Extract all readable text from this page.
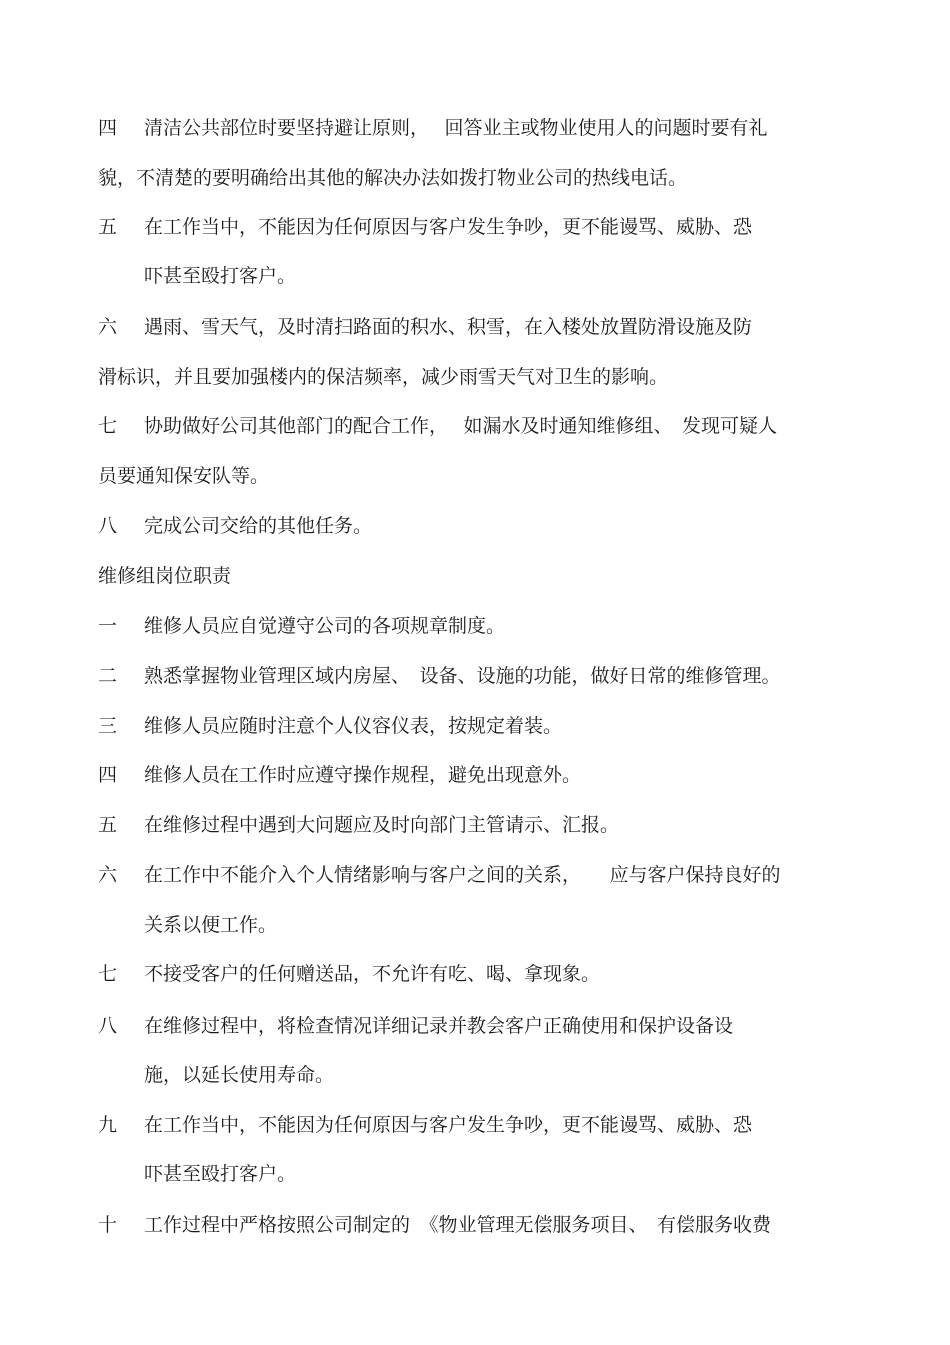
四 清洁公共部位时要坚持避让原则，　 回答业主或物业使用人的问题时要有礼
貌，不清楚的要明确给出其他的解决办法如拨打物业公司的热线电话。
五 在工作当中，不能因为任何原因与客户发生争吵，更不能谩骂、威胁、恐
吓甚至殴打客户。
六 遇雨、雪天气，及时清扫路面的积水、积雪，在入楼处放置防滑设施及防
滑标识，并且要加强楼内的保洁频率，减少雨雪天气对卫生的影响。
七 协助做好公司其他部门的配合工作，　 如漏水及时通知维修组、　发现可疑人
员要通知保安队等。
八 完成公司交给的其他任务。
维修组岗位职责
一 维修人员应自觉遵守公司的各项规章制度。
二 熟悉掌握物业管理区域内房屋、　设备、设施的功能，做好日常的维修管理。
三 维修人员应随时注意个人仪容仪表，按规定着装。
四 维修人员在工作时应遵守操作规程，避免出现意外。
五 在维修过程中遇到大问题应及时向部门主管请示、汇报。
六 在工作中不能介入个人情绪影响与客户之间的关系，　　应与客户保持良好的
关系以便工作。
七 不接受客户的任何赠送品，不允许有吃、喝、拿现象。
八 在维修过程中，将检查情况详细记录并教会客户正确使用和保护设备设
施，以延长使用寿命。
九 在工作当中，不能因为任何原因与客户发生争吵，更不能谩骂、威胁、恐
吓甚至殴打客户。
十 工作过程中严格按照公司制定的　《物业管理无偿服务项目、　有偿服务收费
